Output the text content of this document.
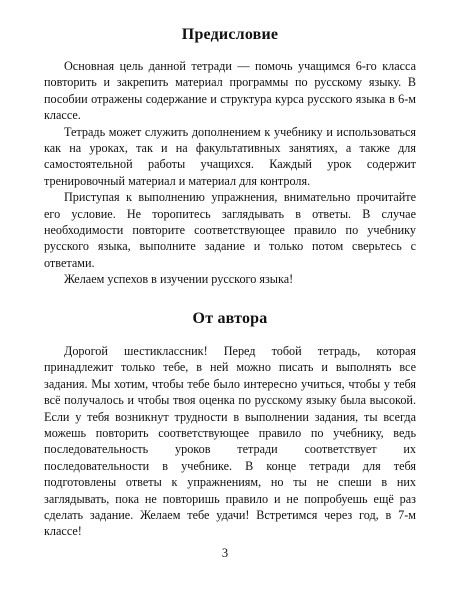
Предисловие

Основная цель данной тетради — помочь учащимся 6-го класса повторить и закрепить материал программы по русскому языку. В пособии отражены содержание и структура курса русского языка в 6-м классе.

Тетрадь может служить дополнением к учебнику и использоваться как на уроках, так и на факультативных занятиях, а также для самостоятельной работы учащихся. Каждый урок содержит тренировочный материал и материал для контроля.

Приступая к выполнению упражнения, внимательно прочитайте его условие. Не торопитесь заглядывать в ответы. В случае необходимости повторите соответствующее правило по учебнику русского языка, выполните задание и только потом сверьтесь с ответами.

Желаем успехов в изучении русского языка!

От автора

Дорогой шестиклассник! Перед тобой тетрадь, которая принадлежит только тебе, в ней можно писать и выполнять все задания. Мы хотим, чтобы тебе было интересно учиться, чтобы у тебя всё получалось и чтобы твоя оценка по русскому языку была высокой. Если у тебя возникнут трудности в выполнении задания, ты всегда можешь повторить соответствующее правило по учебнику, ведь последовательность уроков тетради соответствует их последовательности в учебнике. В конце тетради для тебя подготовлены ответы к упражнениям, но ты не спеши в них заглядывать, пока не повторишь правило и не попробуешь ещё раз сделать задание. Желаем тебе удачи! Встретимся через год, в 7-м классе!

3
